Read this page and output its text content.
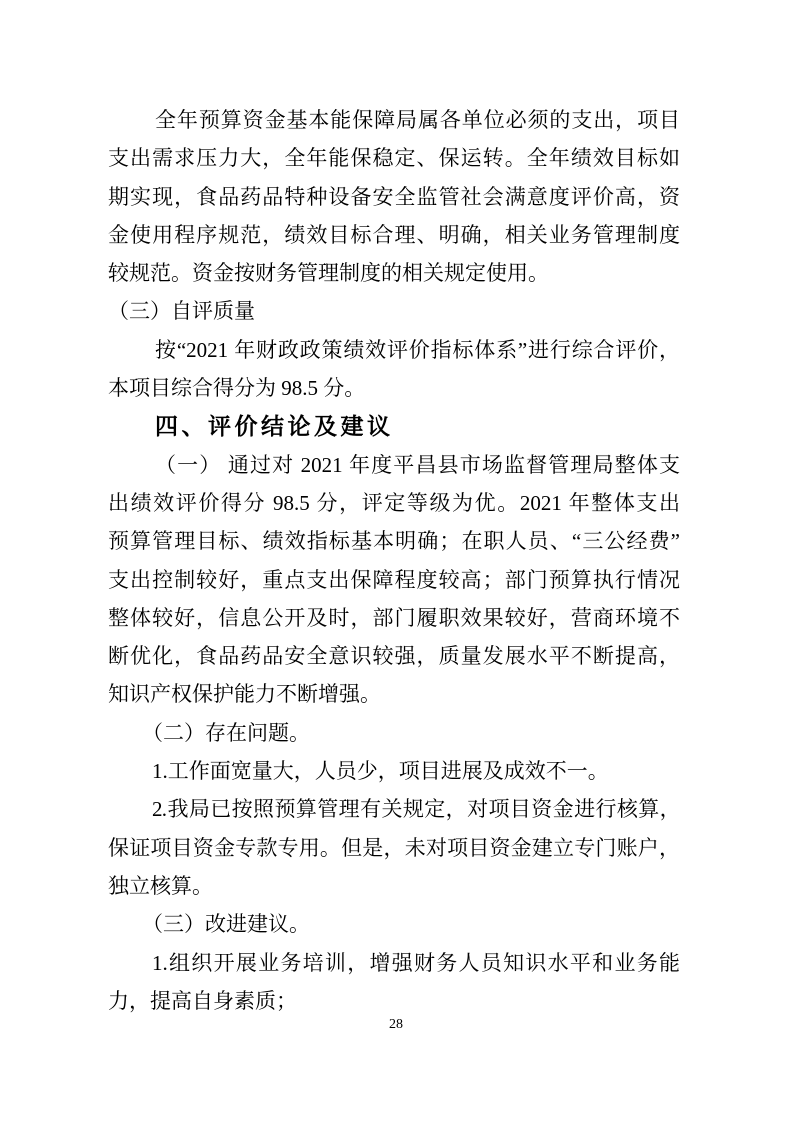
全年预算资金基本能保障局属各单位必须的支出，项目
支出需求压力大，全年能保稳定、保运转。全年绩效目标如
期实现，食品药品特种设备安全监管社会满意度评价高，资
金使用程序规范，绩效目标合理、明确，相关业务管理制度
较规范。资金按财务管理制度的相关规定使用。
（三）自评质量
按“2021 年财政政策绩效评价指标体系”进行综合评价，
本项目综合得分为 98.5 分。
四、评价结论及建议
（一） 通过对 2021 年度平昌县市场监督管理局整体支
出绩效评价得分 98.5 分，评定等级为优。2021 年整体支出
预算管理目标、绩效指标基本明确；在职人员、“三公经费”
支出控制较好，重点支出保障程度较高；部门预算执行情况
整体较好，信息公开及时，部门履职效果较好，营商环境不
断优化，食品药品安全意识较强，质量发展水平不断提高，
知识产权保护能力不断增强。
（二）存在问题。
1.工作面宽量大，人员少，项目进展及成效不一。
2.我局已按照预算管理有关规定，对项目资金进行核算，
保证项目资金专款专用。但是，未对项目资金建立专门账户，
独立核算。
（三）改进建议。
1.组织开展业务培训，增强财务人员知识水平和业务能
力，提高自身素质；
28
